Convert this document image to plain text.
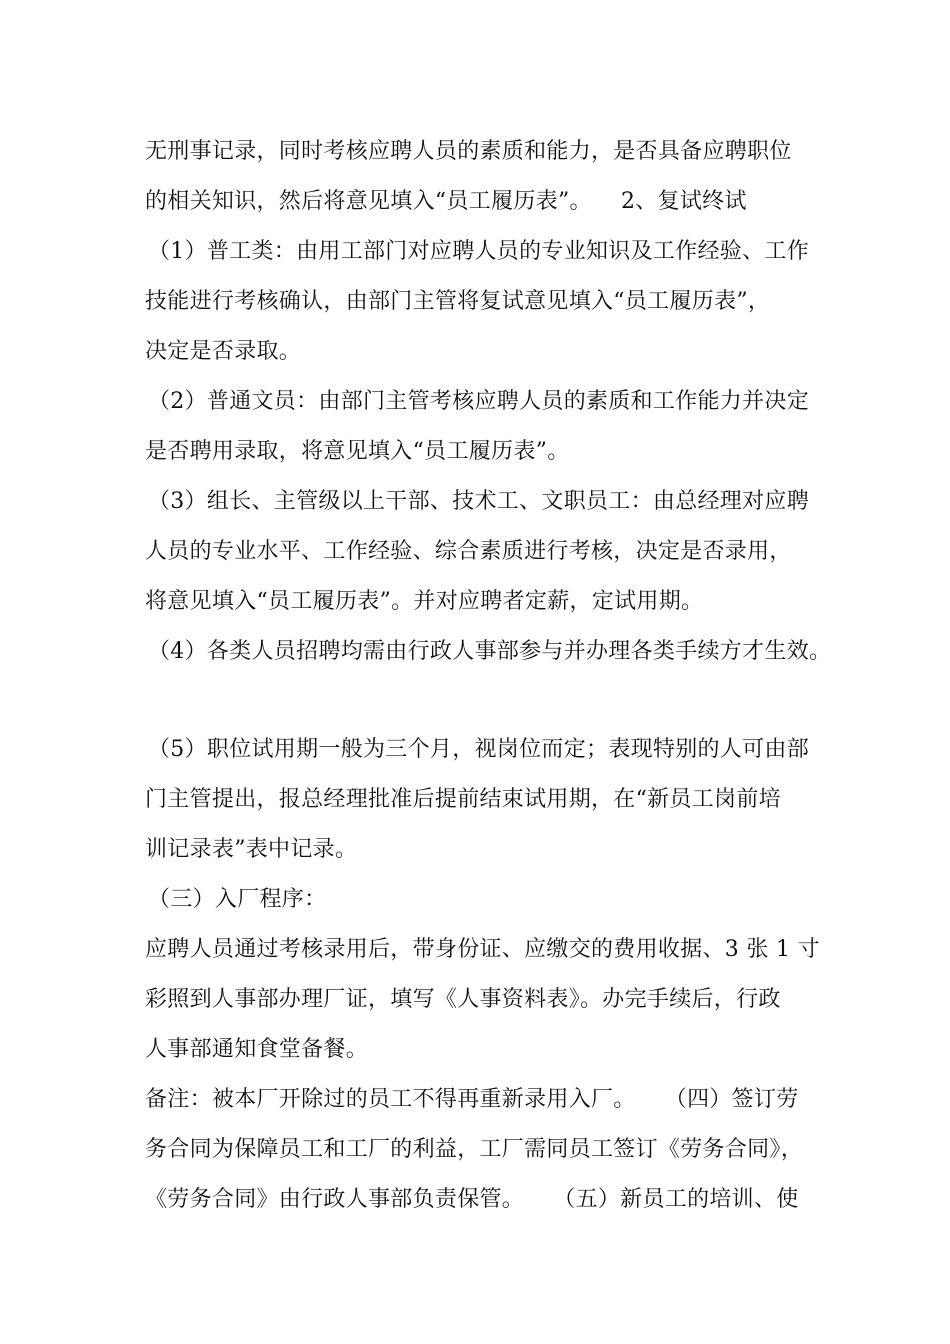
无刑事记录，同时考核应聘人员的素质和能力，是否具备应聘职位
的相关知识，然后将意见填入“员工履历表”。    2、复试终试
（1）普工类：由用工部门对应聘人员的专业知识及工作经验、工作
技能进行考核确认，由部门主管将复试意见填入“员工履历表”，
决定是否录取。
（2）普通文员：由部门主管考核应聘人员的素质和工作能力并决定
是否聘用录取，将意见填入“员工履历表”。
（3）组长、主管级以上干部、技术工、文职员工：由总经理对应聘
人员的专业水平、工作经验、综合素质进行考核，决定是否录用，
将意见填入“员工履历表”。并对应聘者定薪，定试用期。
（4）各类人员招聘均需由行政人事部参与并办理各类手续方才生效。
（5）职位试用期一般为三个月，视岗位而定；表现特别的人可由部
门主管提出，报总经理批准后提前结束试用期，在“新员工岗前培
训记录表”表中记录。
（三）入厂程序：
应聘人员通过考核录用后，带身份证、应缴交的费用收据、3 张 1 寸
彩照到人事部办理厂证，填写《人事资料表》。办完手续后，行政
人事部通知食堂备餐。
备注：被本厂开除过的员工不得再重新录用入厂。    （四）签订劳
务合同为保障员工和工厂的利益，工厂需同员工签订《劳务合同》，
《劳务合同》由行政人事部负责保管。    （五）新员工的培训、使
